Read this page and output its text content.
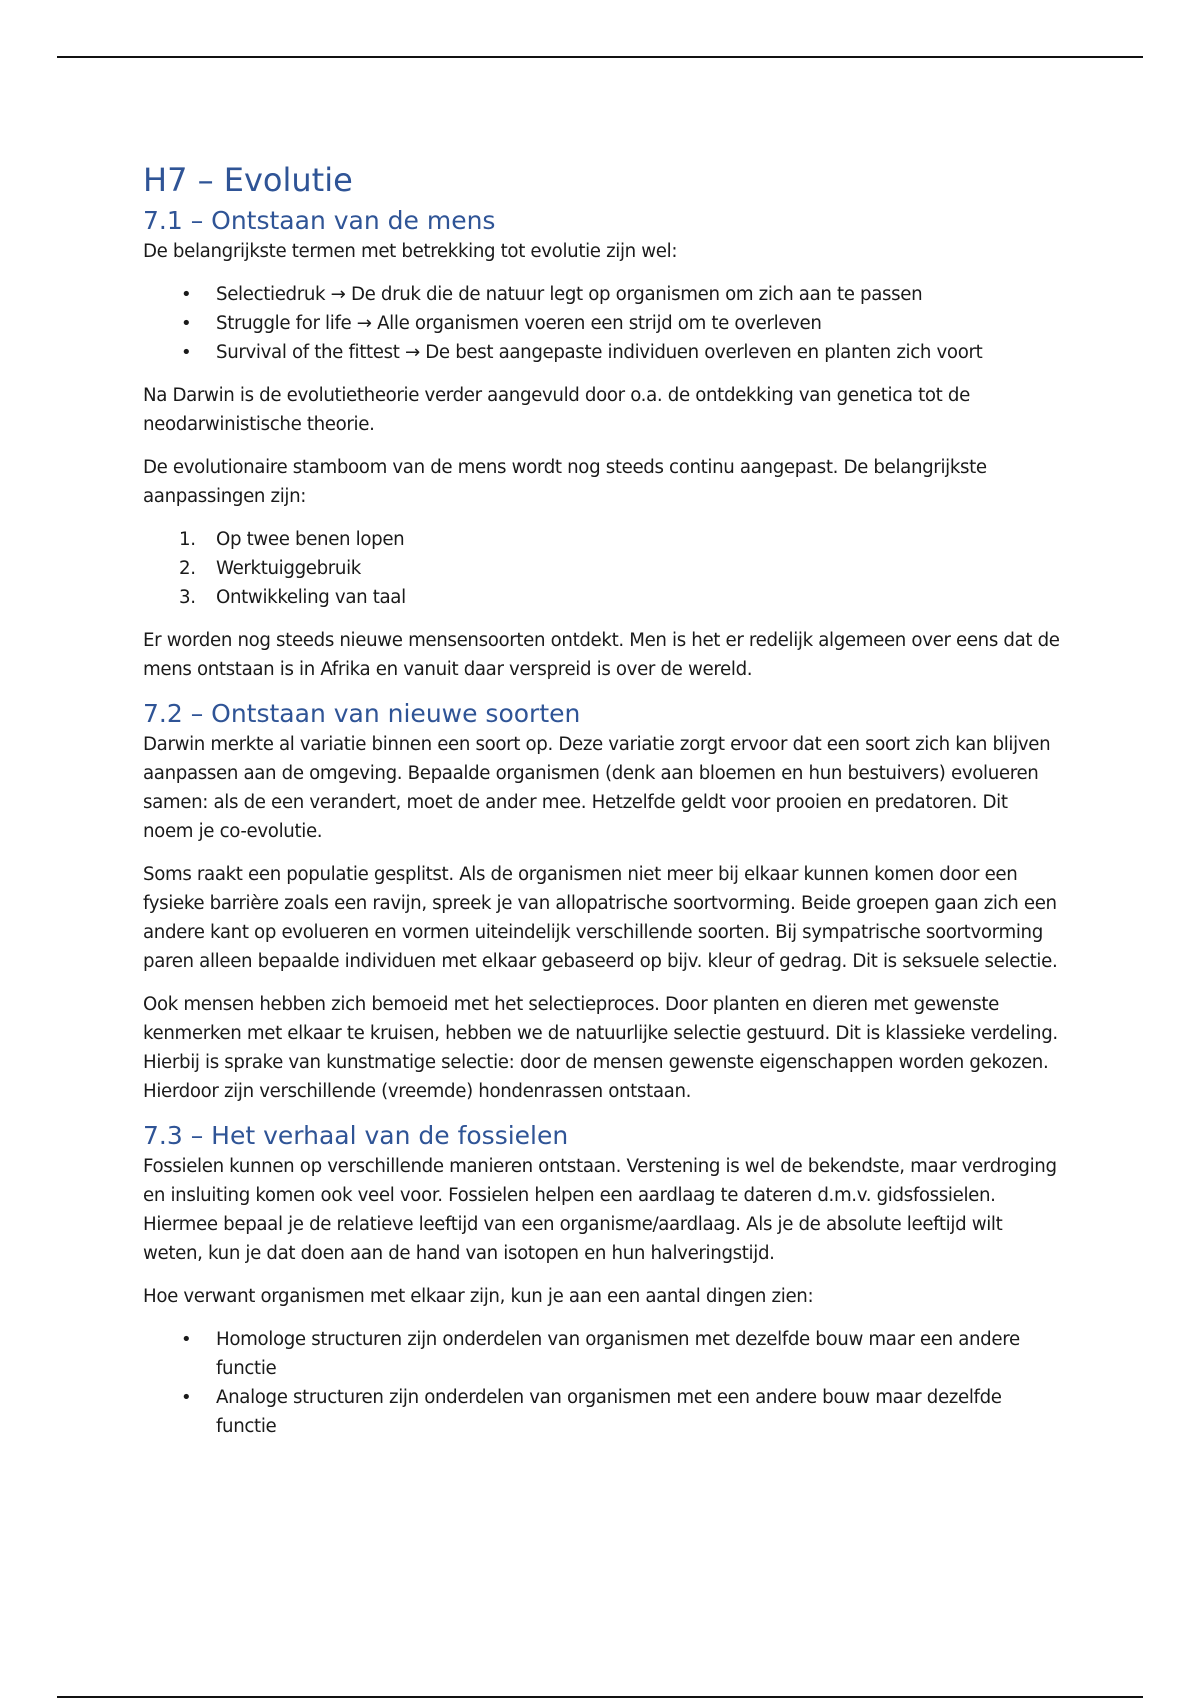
H7 – Evolutie
7.1 – Ontstaan van de mens

De belangrijkste termen met betrekking tot evolutie zijn wel:

• Selectiedruk → De druk die de natuur legt op organismen om zich aan te passen
• Struggle for life → Alle organismen voeren een strijd om te overleven
• Survival of the fittest → De best aangepaste individuen overleven en planten zich voort

Na Darwin is de evolutietheorie verder aangevuld door o.a. de ontdekking van genetica tot de neodarwinistische theorie.

De evolutionaire stamboom van de mens wordt nog steeds continu aangepast. De belangrijkste aanpassingen zijn:

1. Op twee benen lopen
2. Werktuiggebruik
3. Ontwikkeling van taal

Er worden nog steeds nieuwe mensensoorten ontdekt. Men is het er redelijk algemeen over eens dat de mens ontstaan is in Afrika en vanuit daar verspreid is over de wereld.

7.2 – Ontstaan van nieuwe soorten

Darwin merkte al variatie binnen een soort op. Deze variatie zorgt ervoor dat een soort zich kan blijven aanpassen aan de omgeving. Bepaalde organismen (denk aan bloemen en hun bestuivers) evolueren samen: als de een verandert, moet de ander mee. Hetzelfde geldt voor prooien en predatoren. Dit noem je co-evolutie.

Soms raakt een populatie gesplitst. Als de organismen niet meer bij elkaar kunnen komen door een fysieke barrière zoals een ravijn, spreek je van allopatrische soortvorming. Beide groepen gaan zich een andere kant op evolueren en vormen uiteindelijk verschillende soorten. Bij sympatrische soortvorming paren alleen bepaalde individuen met elkaar gebaseerd op bijv. kleur of gedrag. Dit is seksuele selectie.

Ook mensen hebben zich bemoeid met het selectieproces. Door planten en dieren met gewenste kenmerken met elkaar te kruisen, hebben we de natuurlijke selectie gestuurd. Dit is klassieke verdeling. Hierbij is sprake van kunstmatige selectie: door de mensen gewenste eigenschappen worden gekozen. Hierdoor zijn verschillende (vreemde) hondenrassen ontstaan.

7.3 – Het verhaal van de fossielen

Fossielen kunnen op verschillende manieren ontstaan. Verstening is wel de bekendste, maar verdroging en insluiting komen ook veel voor. Fossielen helpen een aardlaag te dateren d.m.v. gidsfossielen. Hiermee bepaal je de relatieve leeftijd van een organisme/aardlaag. Als je de absolute leeftijd wilt weten, kun je dat doen aan de hand van isotopen en hun halveringstijd.

Hoe verwant organismen met elkaar zijn, kun je aan een aantal dingen zien:

• Homologe structuren zijn onderdelen van organismen met dezelfde bouw maar een andere functie
• Analoge structuren zijn onderdelen van organismen met een andere bouw maar dezelfde functie
